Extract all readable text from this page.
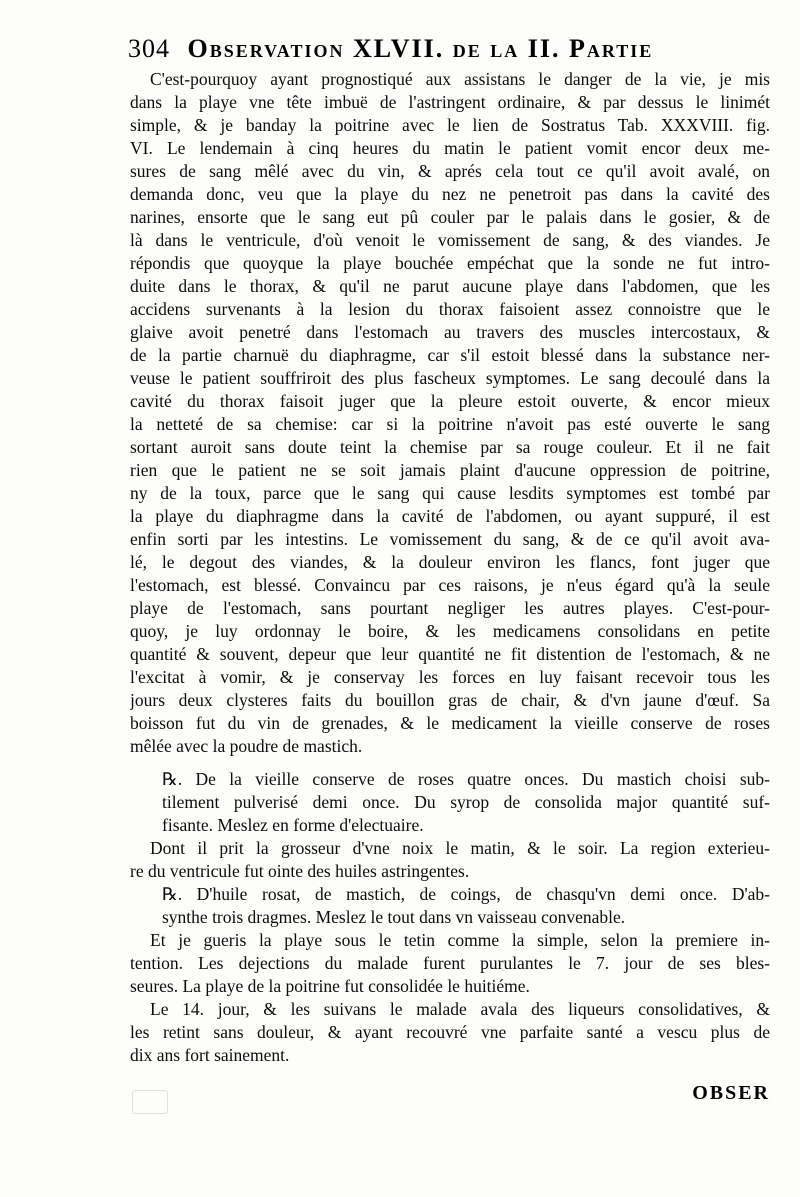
304 Observation XLVII. de la II. Partie
C'est-pourquoy ayant prognostiqué aux assistans le danger de la vie, je mis
dans la playe vne tête imbuë de l'astringent ordinaire, & par dessus le linimét
simple, & je banday la poitrine avec le lien de Sostratus Tab. XXXVIII. fig.
VI. Le lendemain à cinq heures du matin le patient vomit encor deux me-
sures de sang mêlé avec du vin, & aprés cela tout ce qu'il avoit avalé, on
demanda donc, veu que la playe du nez ne penetroit pas dans la cavité des
narines, ensorte que le sang eut pû couler par le palais dans le gosier, & de
là dans le ventricule, d'où venoit le vomissement de sang, & des viandes. Je
répondis que quoyque la playe bouchée empéchat que la sonde ne fut intro-
duite dans le thorax, & qu'il ne parut aucune playe dans l'abdomen, que les
accidens survenants à la lesion du thorax faisoient assez connoistre que le
glaive avoit penetré dans l'estomach au travers des muscles intercostaux, &
de la partie charnuë du diaphragme, car s'il estoit blessé dans la substance ner-
veuse le patient souffriroit des plus fascheux symptomes. Le sang decoulé dans la
cavité du thorax faisoit juger que la pleure estoit ouverte, & encor mieux
la netteté de sa chemise: car si la poitrine n'avoit pas esté ouverte le sang
sortant auroit sans doute teint la chemise par sa rouge couleur. Et il ne fait
rien que le patient ne se soit jamais plaint d'aucune oppression de poitrine,
ny de la toux, parce que le sang qui cause lesdits symptomes est tombé par
la playe du diaphragme dans la cavité de l'abdomen, ou ayant suppuré, il est
enfin sorti par les intestins. Le vomissement du sang, & de ce qu'il avoit ava-
lé, le degout des viandes, & la douleur environ les flancs, font juger que
l'estomach, est blessé. Convaincu par ces raisons, je n'eus égard qu'à la seule
playe de l'estomach, sans pourtant negliger les autres playes. C'est-pour-
quoy, je luy ordonnay le boire, & les medicamens consolidans en petite
quantité & souvent, depeur que leur quantité ne fit distention de l'estomach, & ne
l'excitat à vomir, & je conservay les forces en luy faisant recevoir tous les
jours deux clysteres faits du bouillon gras de chair, & d'vn jaune d'œuf. Sa
boisson fut du vin de grenades, & le medicament la vieille conserve de roses
mêlée avec la poudre de mastich.
℞. De la vieille conserve de roses quatre onces. Du mastich choisi sub-
tilement pulverisé demi once. Du syrop de consolida major quantité suf-
fisante. Meslez en forme d'electuaire.
Dont il prit la grosseur d'vne noix le matin, & le soir. La region exterieu-
re du ventricule fut ointe des huiles astringentes.
℞. D'huile rosat, de mastich, de coings, de chasqu'vn demi once. D'ab-
synthe trois dragmes. Meslez le tout dans vn vaisseau convenable.
Et je gueris la playe sous le tetin comme la simple, selon la premiere in-
tention. Les dejections du malade furent purulantes le 7. jour de ses bles-
seures. La playe de la poitrine fut consolidée le huitiéme.
Le 14. jour, & les suivans le malade avala des liqueurs consolidatives, &
les retint sans douleur, & ayant recouvré vne parfaite santé a vescu plus de
dix ans fort sainement.
OBSER
